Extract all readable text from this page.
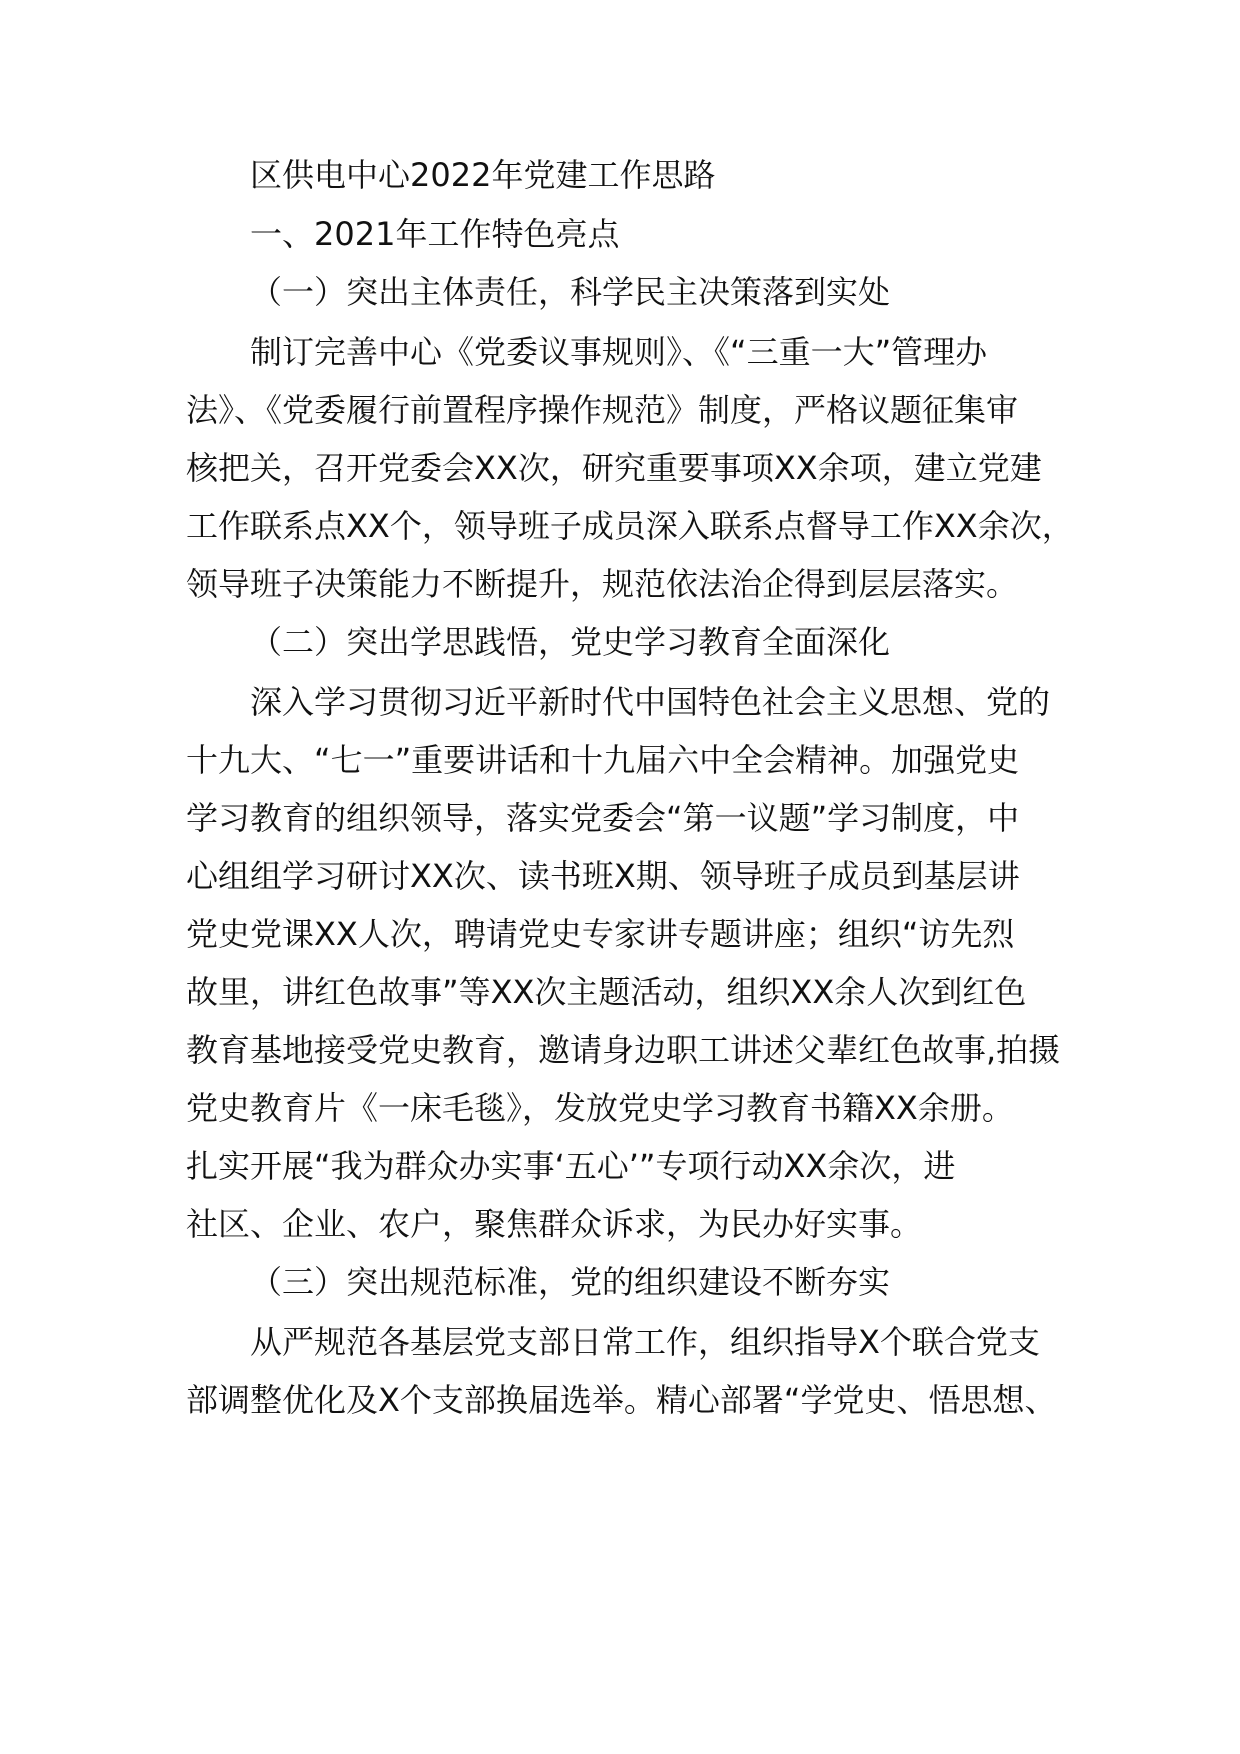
区供电中心2022年党建工作思路
一、2021年工作特色亮点
（一）突出主体责任，科学民主决策落到实处
制订完善中心《党委议事规则》、《“三重一大”管理办
法》、《党委履行前置程序操作规范》制度，严格议题征集审
核把关，召开党委会XX次，研究重要事项XX余项，建立党建
工作联系点XX个，领导班子成员深入联系点督导工作XX余次，
领导班子决策能力不断提升，规范依法治企得到层层落实。
（二）突出学思践悟，党史学习教育全面深化
深入学习贯彻习近平新时代中国特色社会主义思想、党的
十九大、“七一”重要讲话和十九届六中全会精神。加强党史
学习教育的组织领导，落实党委会“第一议题”学习制度，中
心组组学习研讨XX次、读书班X期、领导班子成员到基层讲
党史党课XX人次，聘请党史专家讲专题讲座；组织“访先烈
故里，讲红色故事”等XX次主题活动，组织XX余人次到红色
教育基地接受党史教育，邀请身边职工讲述父辈红色故事,拍摄
党史教育片《一床毛毯》，发放党史学习教育书籍XX余册。
扎实开展“我为群众办实事‘五心’”专项行动XX余次，进
社区、企业、农户，聚焦群众诉求，为民办好实事。
（三）突出规范标准，党的组织建设不断夯实
从严规范各基层党支部日常工作，组织指导X个联合党支
部调整优化及X个支部换届选举。精心部署“学党史、悟思想、
